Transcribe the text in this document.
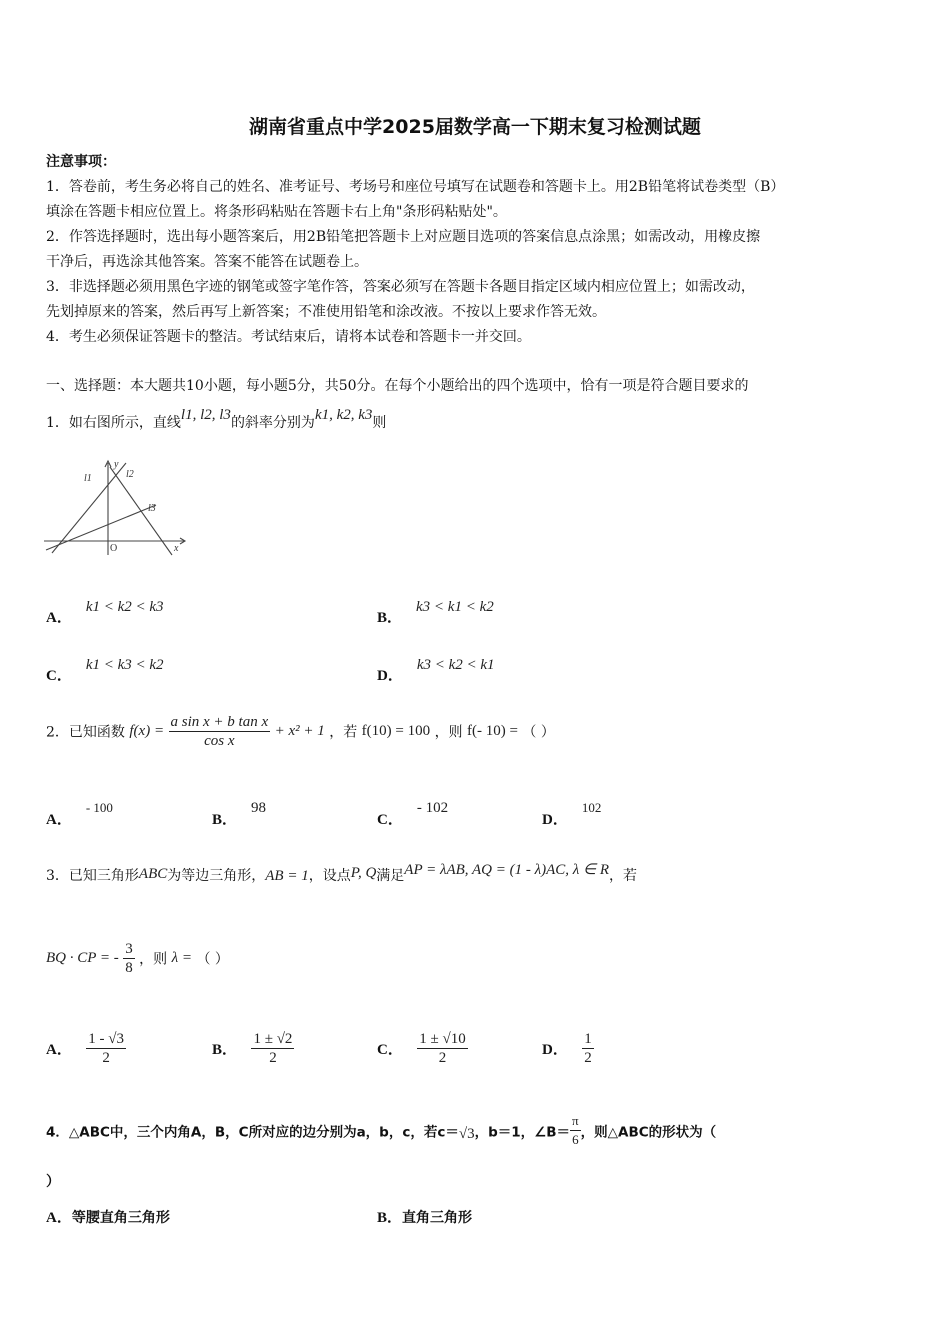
湖南省重点中学2025届数学高一下期末复习检测试题
注意事项：
1．答卷前，考生务必将自己的姓名、准考证号、考场号和座位号填写在试题卷和答题卡上。用2B铅笔将试卷类型（B）
填涂在答题卡相应位置上。将条形码粘贴在答题卡右上角"条形码粘贴处"。
2．作答选择题时，选出每小题答案后，用2B铅笔把答题卡上对应题目选项的答案信息点涂黑；如需改动，用橡皮擦
干净后，再选涂其他答案。答案不能答在试题卷上。
3．非选择题必须用黑色字迹的钢笔或签字笔作答，答案必须写在答题卡各题目指定区域内相应位置上；如需改动，
先划掉原来的答案，然后再写上新答案；不准使用铅笔和涂改液。不按以上要求作答无效。
4．考生必须保证答题卡的整洁。考试结束后，请将本试卷和答题卡一并交回。
一、选择题：本大题共10小题，每小题5分，共50分。在每个小题给出的四个选项中，恰有一项是符合题目要求的
1．如右图所示，直线l1, l2, l3的斜率分别为k1, k2, k3则
y
l1	l2
l3
O	x
A．k1 < k2 < k3
B．k3 < k1 < k2
C．k1 < k3 < k2
D．k3 < k2 < k1
2．已知函数 $f(x) = \frac{\text{a sin x + b tan x}}{\text{cos x}} + x^2 + 1$ ，若 f(10) = 100 ，则 f(- 10) = （ ）
A．- 100
B．98
C．- 102
D．102
3．已知三角形ABC为等边三角形，AB = 1，设点P, Q满足AP = λAB, AQ = (1 - λ)AC, λ ∈ R，若
BQ · CP = - $\frac{3}{8}$ ，则 λ = （ ）
A． $\frac{1 - √3}{2}$	B． $\frac{1 \pm √2}{2}$	C． $\frac{1 \pm √10}{2}$	D． $\frac{1}{2}$
4．△ABC中，三个内角A，B，C所对应的边分别为a，b，c，若c＝√3，b＝1，∠B＝ $\frac{\pi}{6}$ ，则△ABC的形状为（
）
A．等腰直角三角形	B．直角三角形
